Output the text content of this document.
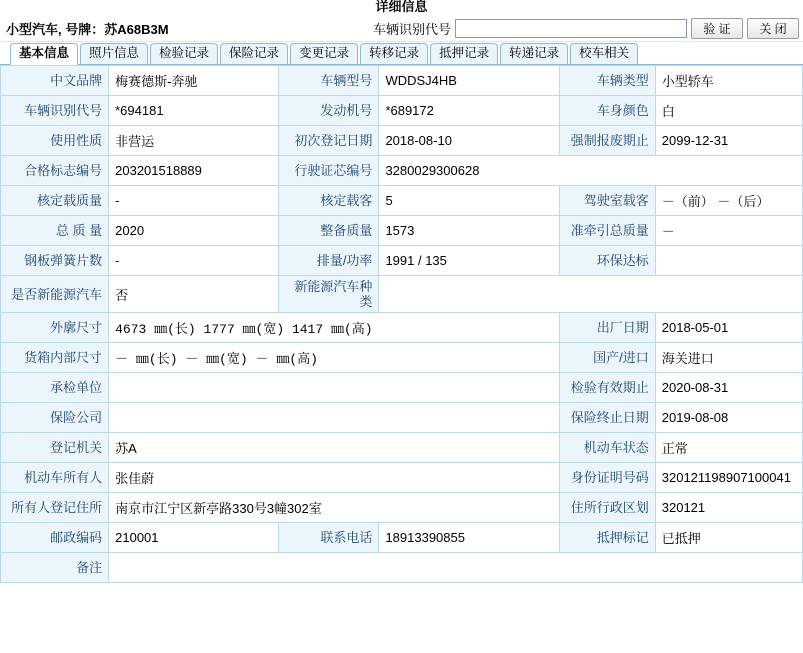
详细信息
小型汽车, 号牌：苏A68B3M	车辆识别代号	验 证	关 闭
基本信息	照片信息	检验记录	保险记录	变更记录	转移记录	抵押记录	转递记录	校车相关
中文品牌	梅赛德斯-奔驰	车辆型号	WDDSJ4HB	车辆类型	小型轿车
车辆识别代号	*694181	发动机号	*689172	车身颜色	白
使用性质	非营运	初次登记日期	2018-08-10	强制报废期止	2099-12-31
合格标志编号	203201518889	行驶证芯编号	3280029300628		
核定载质量	-	核定载客	5	驾驶室载客	－（前） －（后）
总 质 量	2020	整备质量	1573	准牵引总质量	－
钢板弹簧片数	-	排量/功率	1991 / 135	环保达标	
是否新能源汽车	否	新能源汽车种类			
外廓尺寸	4673 ㎜(长) 1777 ㎜(宽) 1417 ㎜(高)			出厂日期	2018-05-01
货箱内部尺寸	－ ㎜(长) － ㎜(宽) － ㎜(高)			国产/进口	海关进口
承检单位				检验有效期止	2020-08-31
保险公司				保险终止日期	2019-08-08
登记机关	苏A			机动车状态	正常
机动车所有人	张佳蔚			身份证明号码	320121198907100041
所有人登记住所	南京市江宁区新亭路330号3幢302室			住所行政区划	320121
邮政编码	210001	联系电话	18913390855	抵押标记	已抵押
备注					
